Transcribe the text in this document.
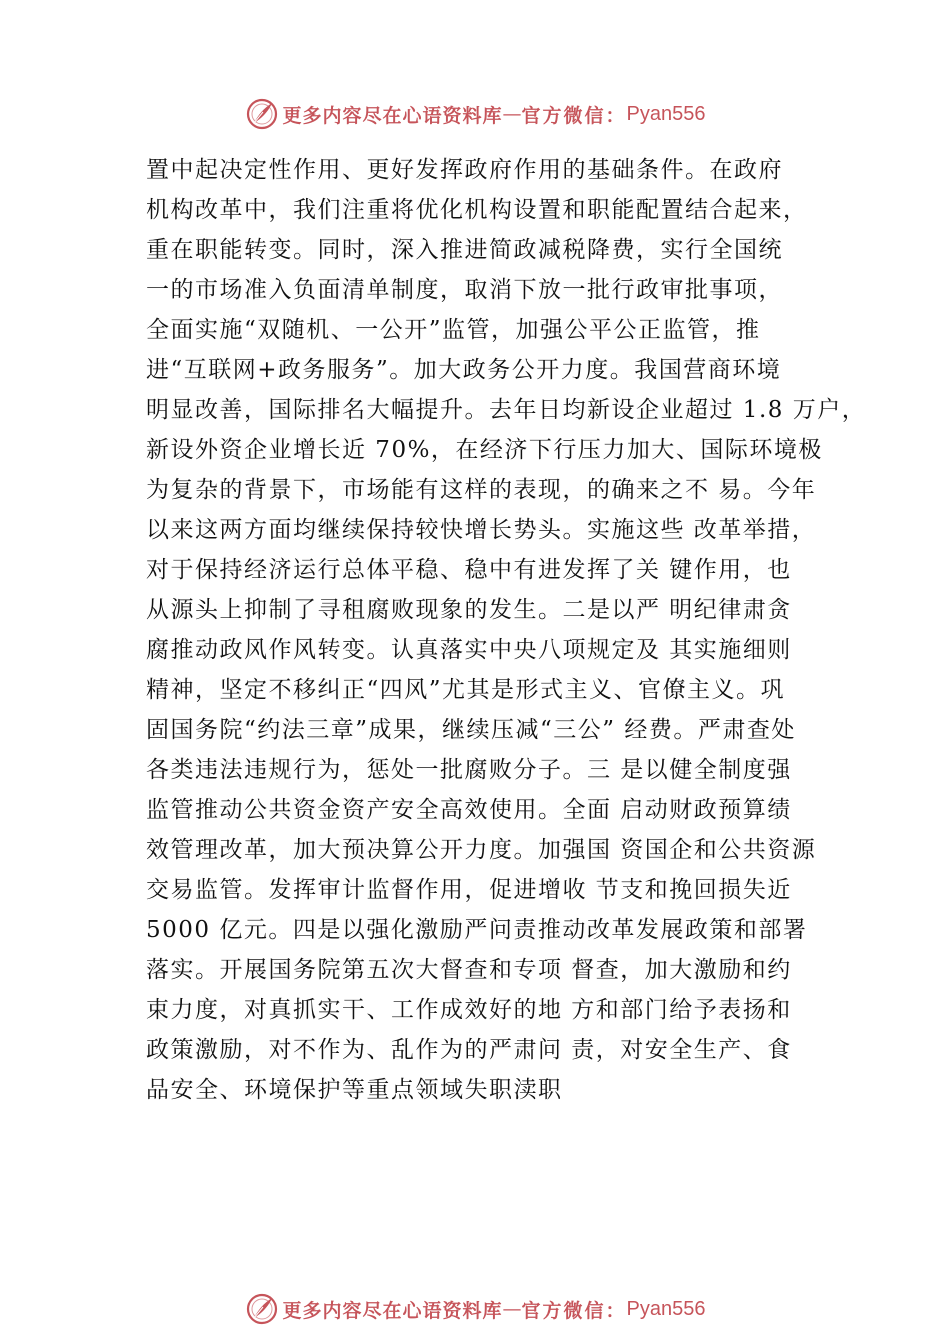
更多内容尽在心语资料库 — 官方微信： Pyan556

置中起决定性作用、更好发挥政府作用的基础条件。在政府

机构改革中，我们注重将优化机构设置和职能配置结合起来，

重在职能转变。同时，深入推进简政减税降费，实行全国统

一的市场准入负面清单制度，取消下放一批行政审批事项，

全面实施“双随机、一公开”监管，加强公平公正监管，推

进“互联网+政务服务”。加大政务公开力度。我国营商环境

明显改善，国际排名大幅提升。去年日均新设企业超过 1.8 万户，

新设外资企业增长近 70%，在经济下行压力加大、国际环境极

为复杂的背景下，市场能有这样的表现，的确来之不 易。今年

以来这两方面均继续保持较快增长势头。实施这些 改革举措，

对于保持经济运行总体平稳、稳中有进发挥了关 键作用，也

从源头上抑制了寻租腐败现象的发生。二是以严 明纪律肃贪

腐推动政风作风转变。认真落实中央八项规定及 其实施细则

精神，坚定不移纠正“四风”尤其是形式主义、官僚主义。巩

固国务院“约法三章”成果，继续压减“三公” 经费。严肃查处

各类违法违规行为，惩处一批腐败分子。三 是以健全制度强

监管推动公共资金资产安全高效使用。全面 启动财政预算绩

效管理改革，加大预决算公开力度。加强国 资国企和公共资源

交易监管。发挥审计监督作用，促进增收 节支和挽回损失近

5000 亿元。四是以强化激励严问责推动改革发展政策和部署

落实。开展国务院第五次大督查和专项 督查，加大激励和约

束力度，对真抓实干、工作成效好的地 方和部门给予表扬和

政策激励，对不作为、乱作为的严肃问 责，对安全生产、食

品安全、环境保护等重点领域失职渎职

更多内容尽在心语资料库 — 官方微信： Pyan556
